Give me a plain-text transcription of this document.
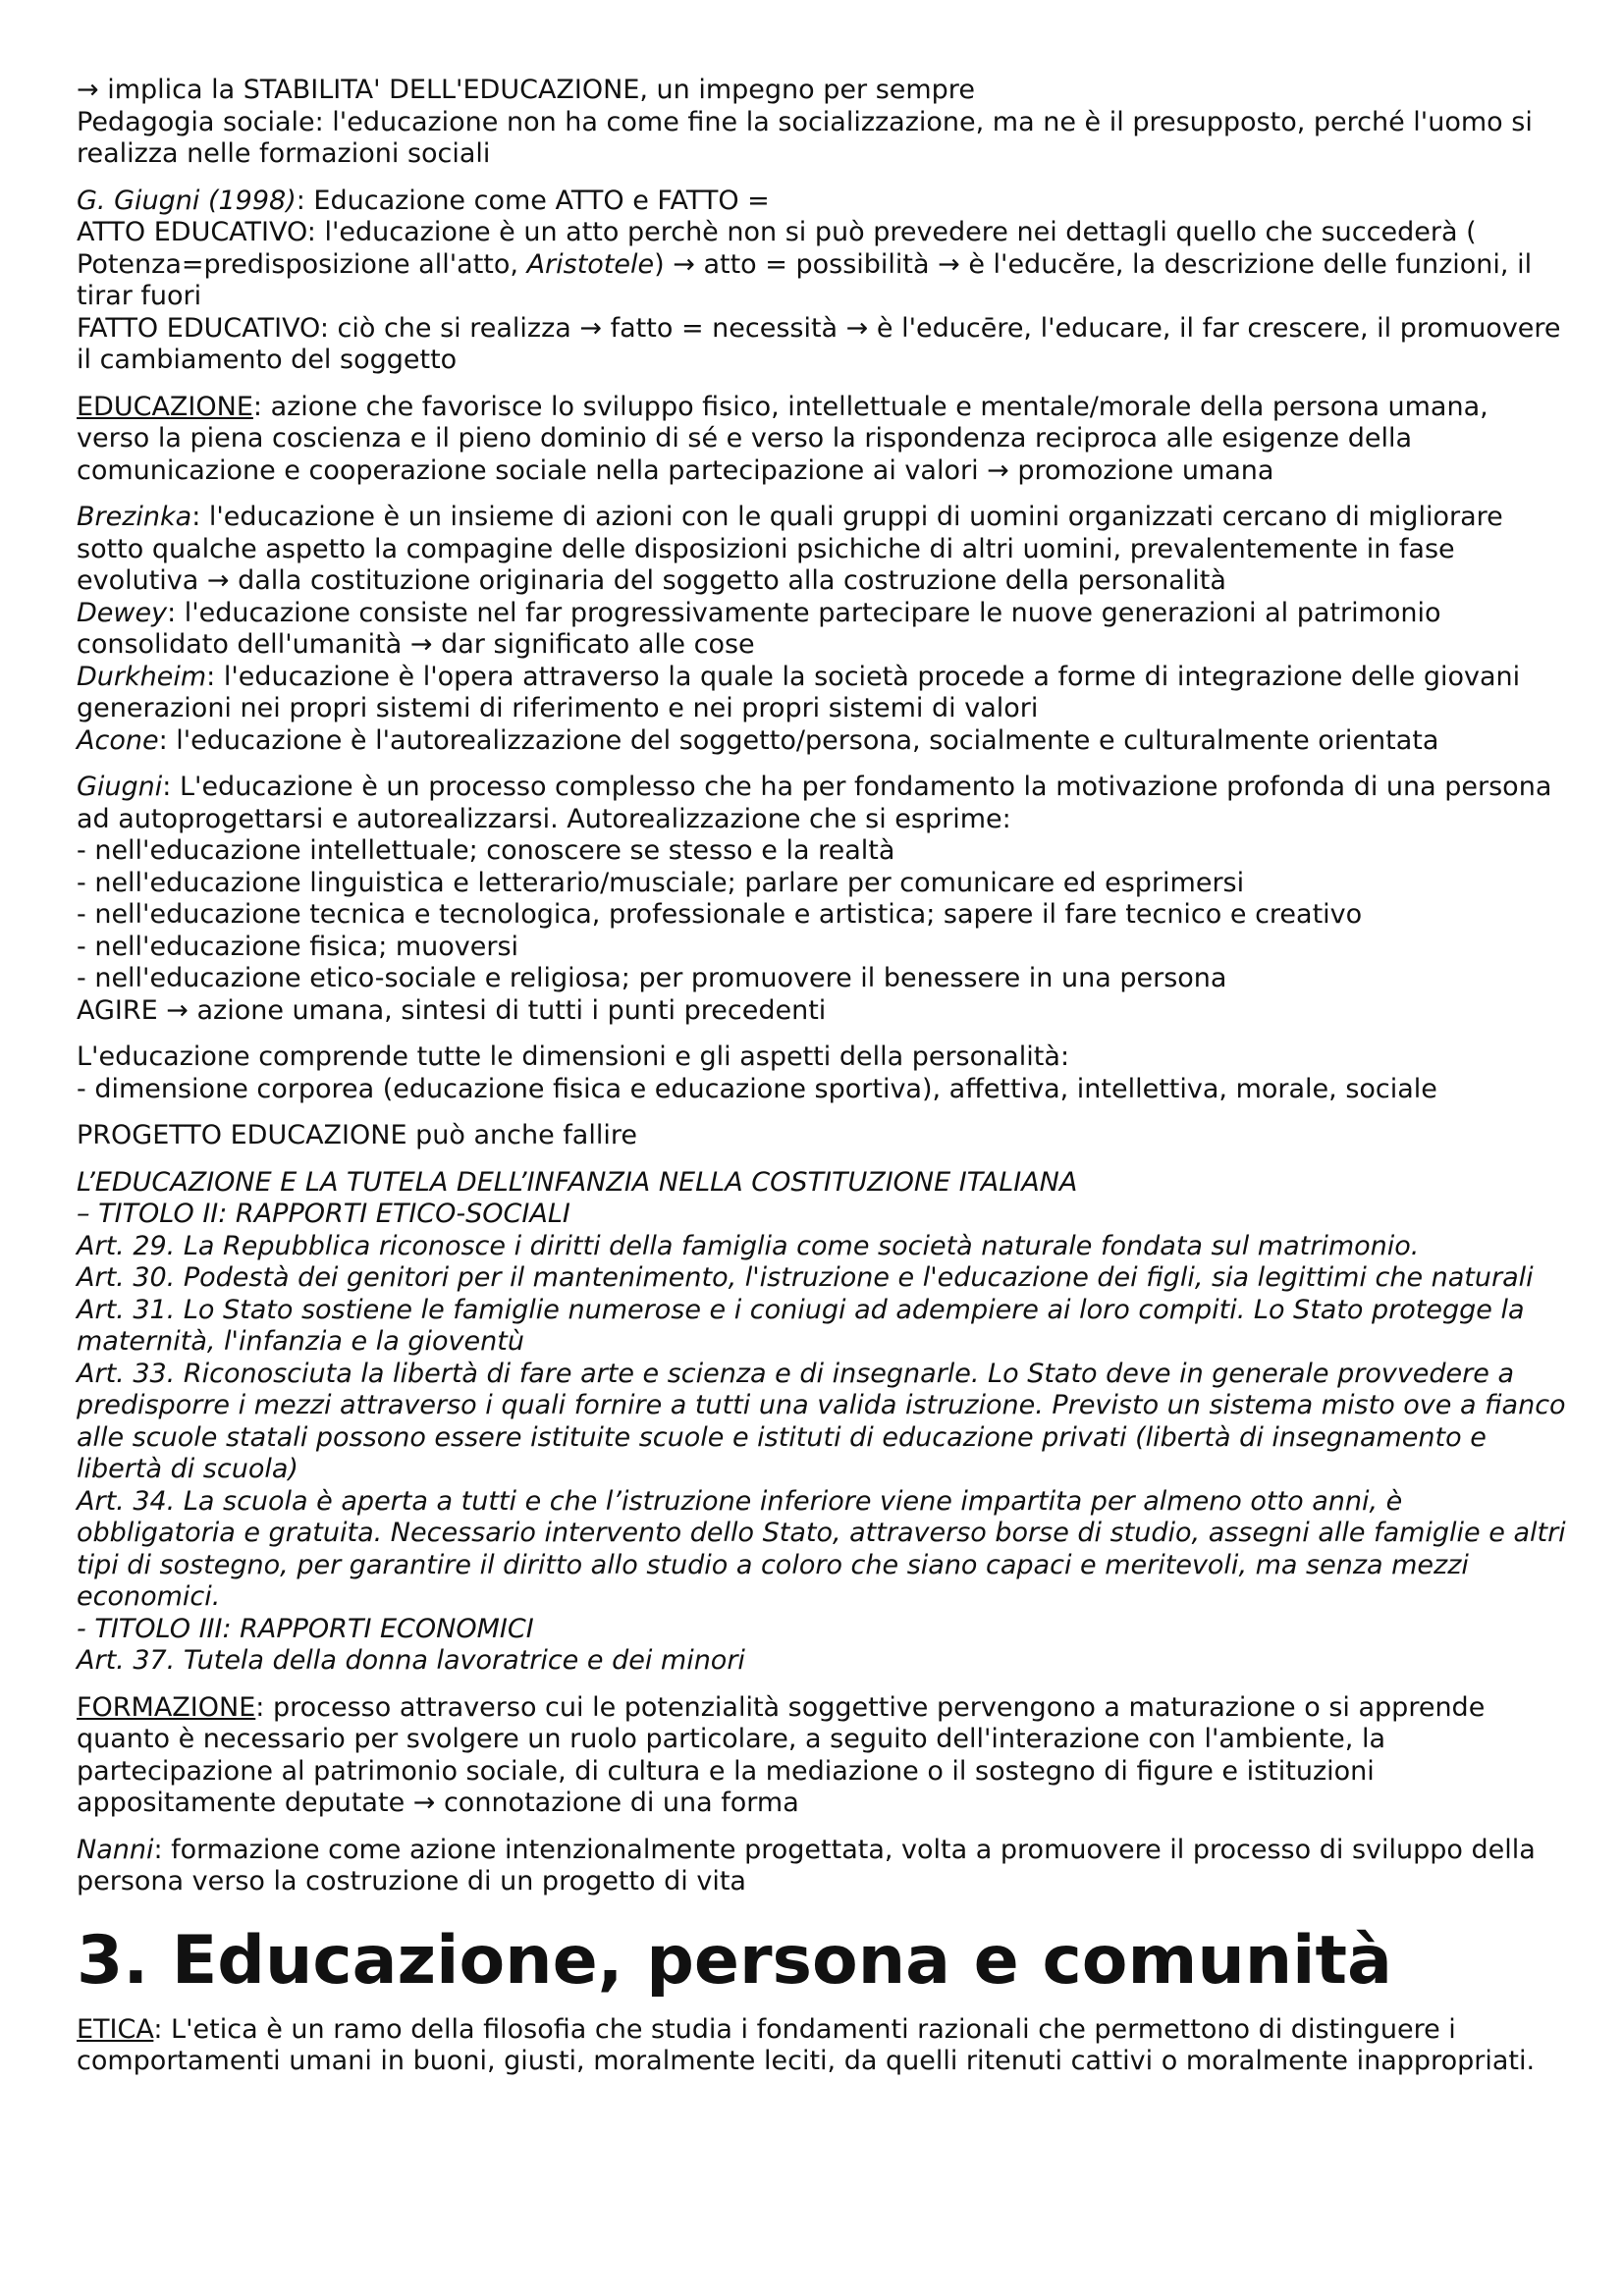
→ implica la STABILITA' DELL'EDUCAZIONE, un impegno per sempre

Pedagogia sociale: l'educazione non ha come fine la socializzazione, ma ne è il presupposto, perché l'uomo si realizza nelle formazioni sociali

G. Giugni (1998): Educazione come ATTO e FATTO =

ATTO EDUCATIVO: l'educazione è un atto perchè non si può prevedere nei dettagli quello che succederà ( Potenza=predisposizione all'atto, Aristotele) → atto = possibilità → è l'educĕre, la descrizione delle funzioni, il tirar fuori

FATTO EDUCATIVO: ciò che si realizza → fatto = necessità → è l'educēre, l'educare, il far crescere, il promuovere il cambiamento del soggetto

EDUCAZIONE: azione che favorisce lo sviluppo fisico, intellettuale e mentale/morale della persona umana, verso la piena coscienza e il pieno dominio di sé e verso la rispondenza reciproca alle esigenze della comunicazione e cooperazione sociale nella partecipazione ai valori → promozione umana

Brezinka: l'educazione è un insieme di azioni con le quali gruppi di uomini organizzati cercano di migliorare sotto qualche aspetto la compagine delle disposizioni psichiche di altri uomini, prevalentemente in fase evolutiva → dalla costituzione originaria del soggetto alla costruzione della personalità

Dewey: l'educazione consiste nel far progressivamente partecipare le nuove generazioni al patrimonio consolidato dell'umanità → dar significato alle cose

Durkheim: l'educazione è l'opera attraverso la quale la società procede a forme di integrazione delle giovani generazioni nei propri sistemi di riferimento e nei propri sistemi di valori

Acone: l'educazione è l'autorealizzazione del soggetto/persona, socialmente e culturalmente orientata

Giugni: L'educazione è un processo complesso che ha per fondamento la motivazione profonda di una persona ad autoprogettarsi e autorealizzarsi. Autorealizzazione che si esprime:

- nell'educazione intellettuale; conoscere se stesso e la realtà

- nell'educazione linguistica e letterario/musciale; parlare per comunicare ed esprimersi

- nell'educazione tecnica e tecnologica, professionale e artistica; sapere il fare tecnico e creativo

- nell'educazione fisica; muoversi

- nell'educazione etico-sociale e religiosa; per promuovere il benessere in una persona

AGIRE → azione umana, sintesi di tutti i punti precedenti

L'educazione comprende tutte le dimensioni e gli aspetti della personalità:

- dimensione corporea (educazione fisica e educazione sportiva), affettiva, intellettiva, morale, sociale

PROGETTO EDUCAZIONE può anche fallire

L’EDUCAZIONE E LA TUTELA DELL’INFANZIA NELLA COSTITUZIONE ITALIANA

– TITOLO II: RAPPORTI ETICO-SOCIALI

Art. 29. La Repubblica riconosce i diritti della famiglia come società naturale fondata sul matrimonio.

Art. 30. Podestà dei genitori per il mantenimento, l'istruzione e l'educazione dei figli, sia legittimi che naturali

Art. 31. Lo Stato sostiene le famiglie numerose e i coniugi ad adempiere ai loro compiti. Lo Stato protegge la maternità, l'infanzia e la gioventù

Art. 33. Riconosciuta la libertà di fare arte e scienza e di insegnarle. Lo Stato deve in generale provvedere a predisporre i mezzi attraverso i quali fornire a tutti una valida istruzione. Previsto un sistema misto ove a fianco alle scuole statali possono essere istituite scuole e istituti di educazione privati (libertà di insegnamento e libertà di scuola)

Art. 34. La scuola è aperta a tutti e che l’istruzione inferiore viene impartita per almeno otto anni, è obbligatoria e gratuita. Necessario intervento dello Stato, attraverso borse di studio, assegni alle famiglie e altri tipi di sostegno, per garantire il diritto allo studio a coloro che siano capaci e meritevoli, ma senza mezzi economici.

- TITOLO III: RAPPORTI ECONOMICI

Art. 37. Tutela della donna lavoratrice e dei minori

FORMAZIONE: processo attraverso cui le potenzialità soggettive pervengono a maturazione o si apprende quanto è necessario per svolgere un ruolo particolare, a seguito dell'interazione con l'ambiente, la partecipazione al patrimonio sociale, di cultura e la mediazione o il sostegno di figure e istituzioni appositamente deputate → connotazione di una forma

Nanni: formazione come azione intenzionalmente progettata, volta a promuovere il processo di sviluppo della persona verso la costruzione di un progetto di vita

3. Educazione, persona e comunità

ETICA: L'etica è un ramo della filosofia che studia i fondamenti razionali che permettono di distinguere i comportamenti umani in buoni, giusti, moralmente leciti, da quelli ritenuti cattivi o moralmente inappropriati.
